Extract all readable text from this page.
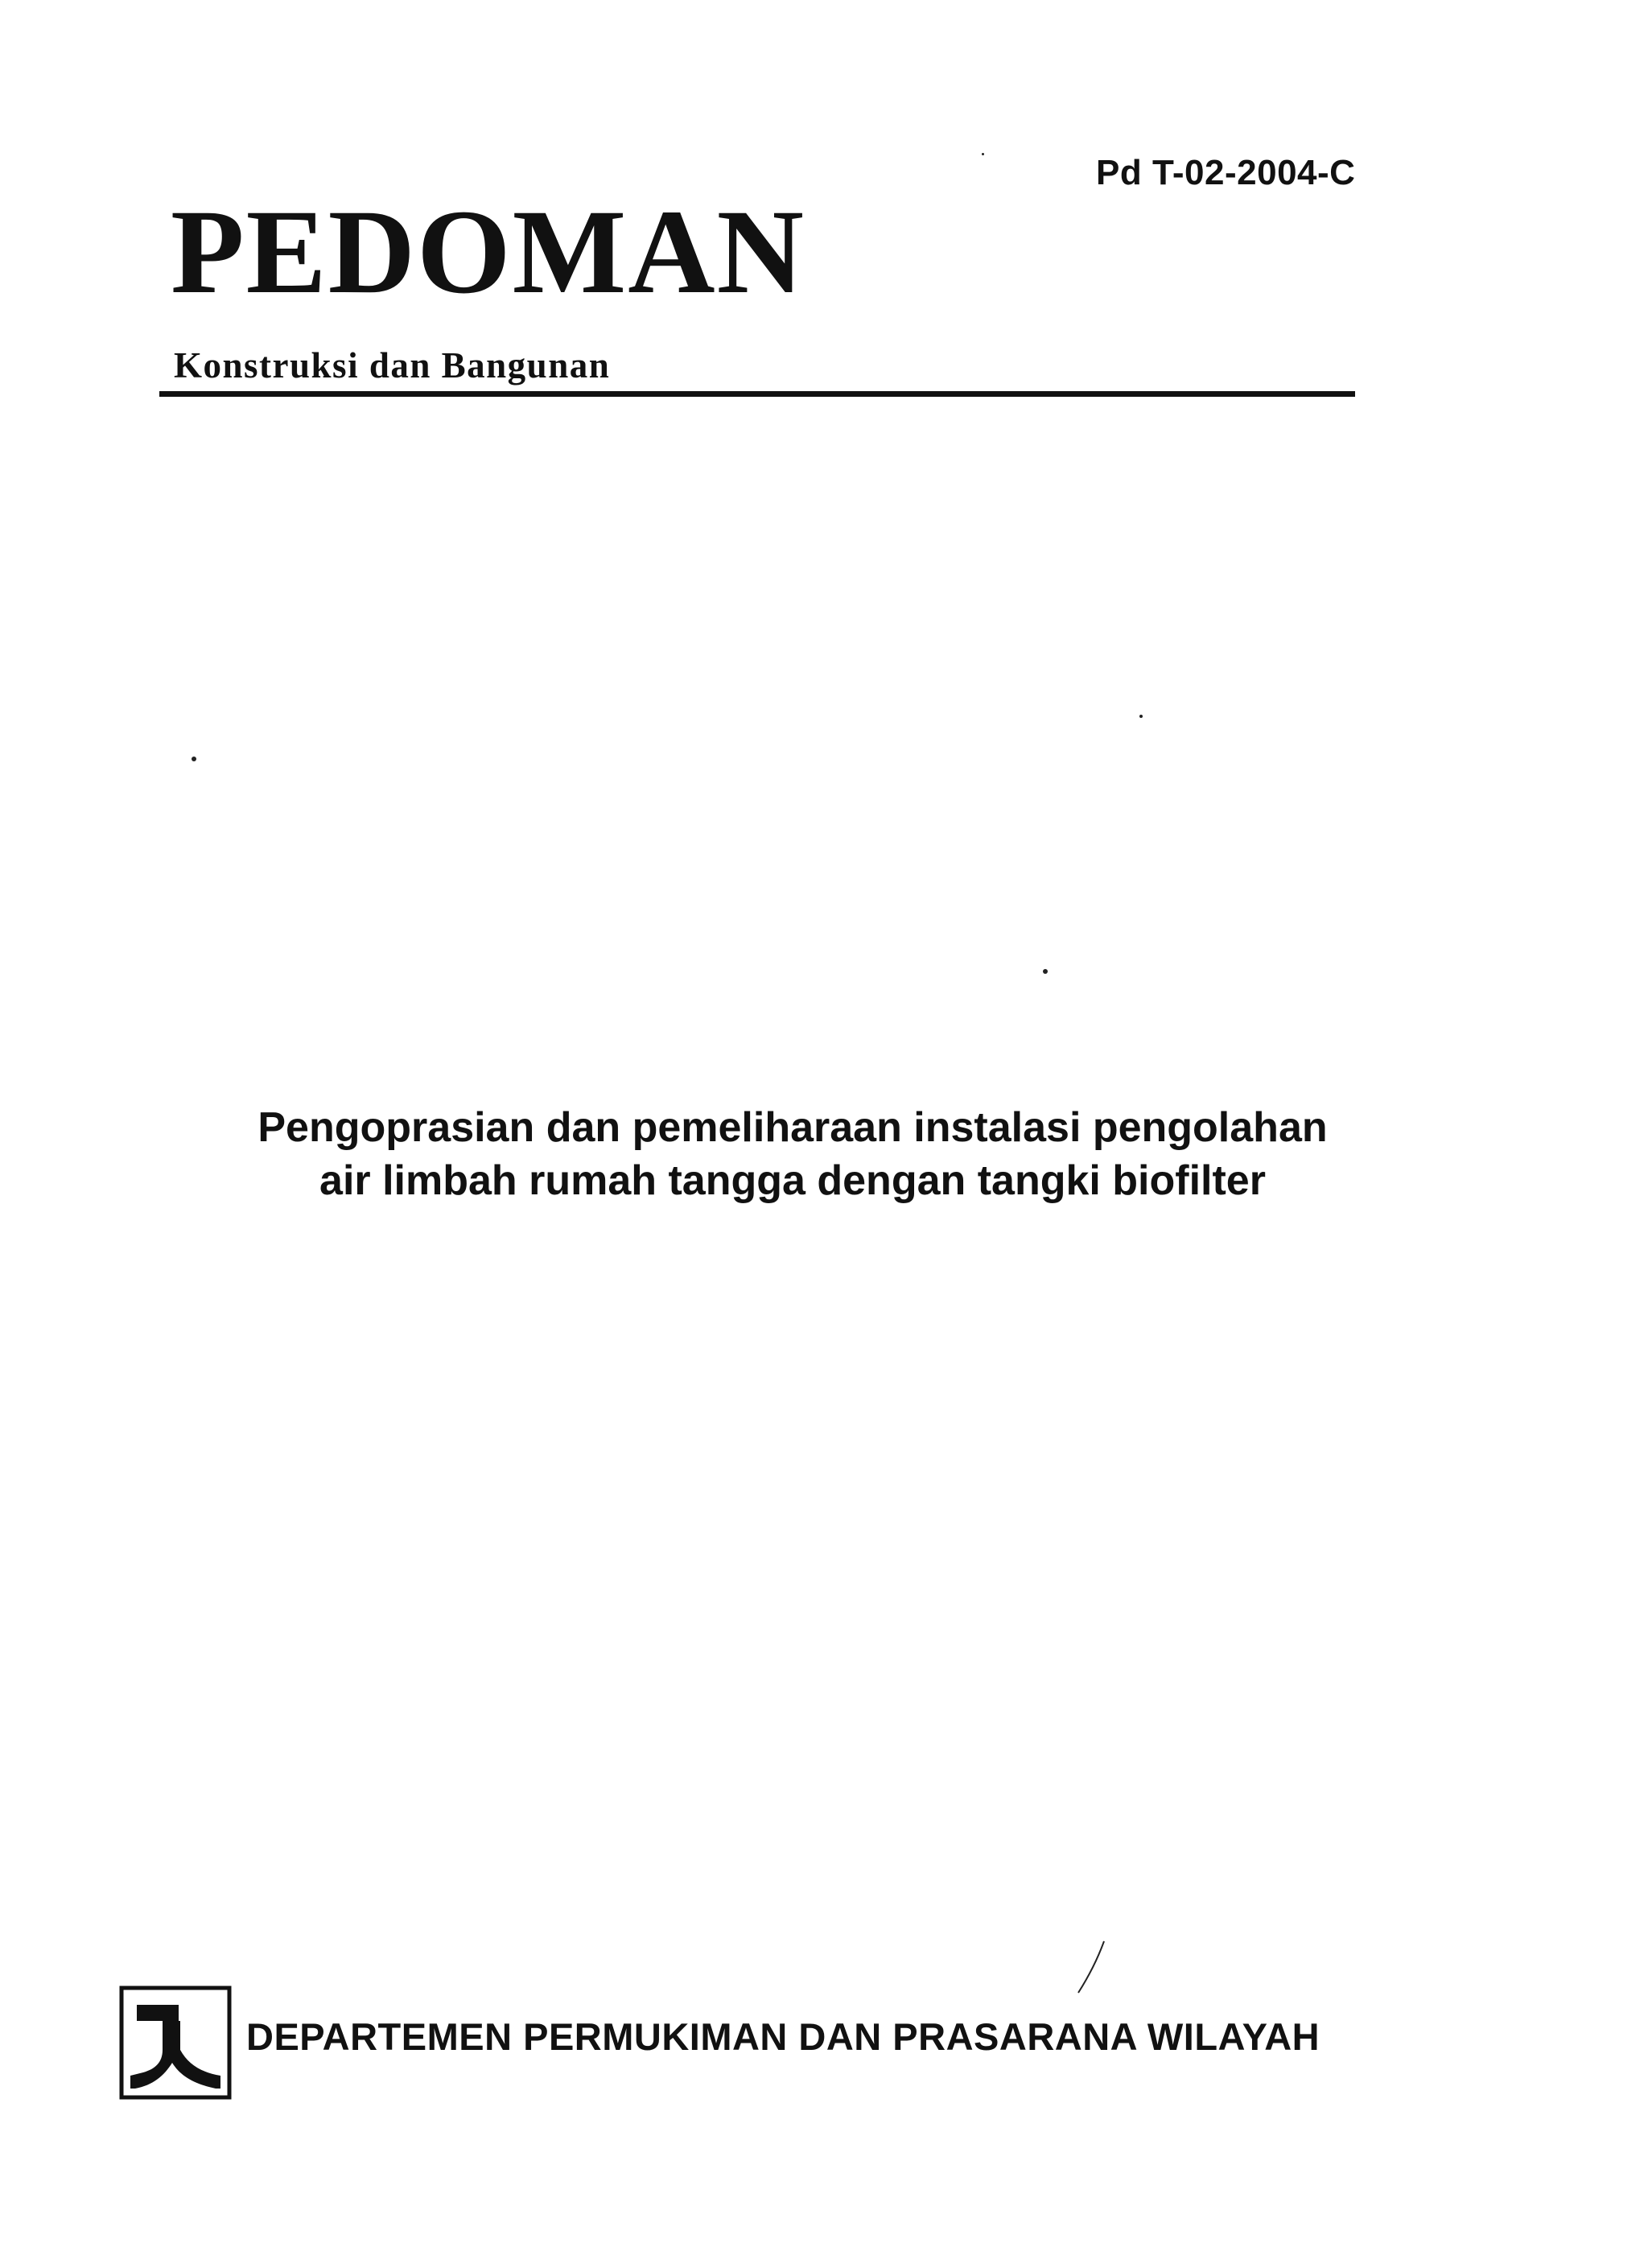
Pd T-02-2004-C
PEDOMAN
Konstruksi dan Bangunan
Pengoprasian dan pemeliharaan instalasi pengolahan
air limbah rumah tangga dengan tangki biofilter
DEPARTEMEN PERMUKIMAN DAN PRASARANA WILAYAH
